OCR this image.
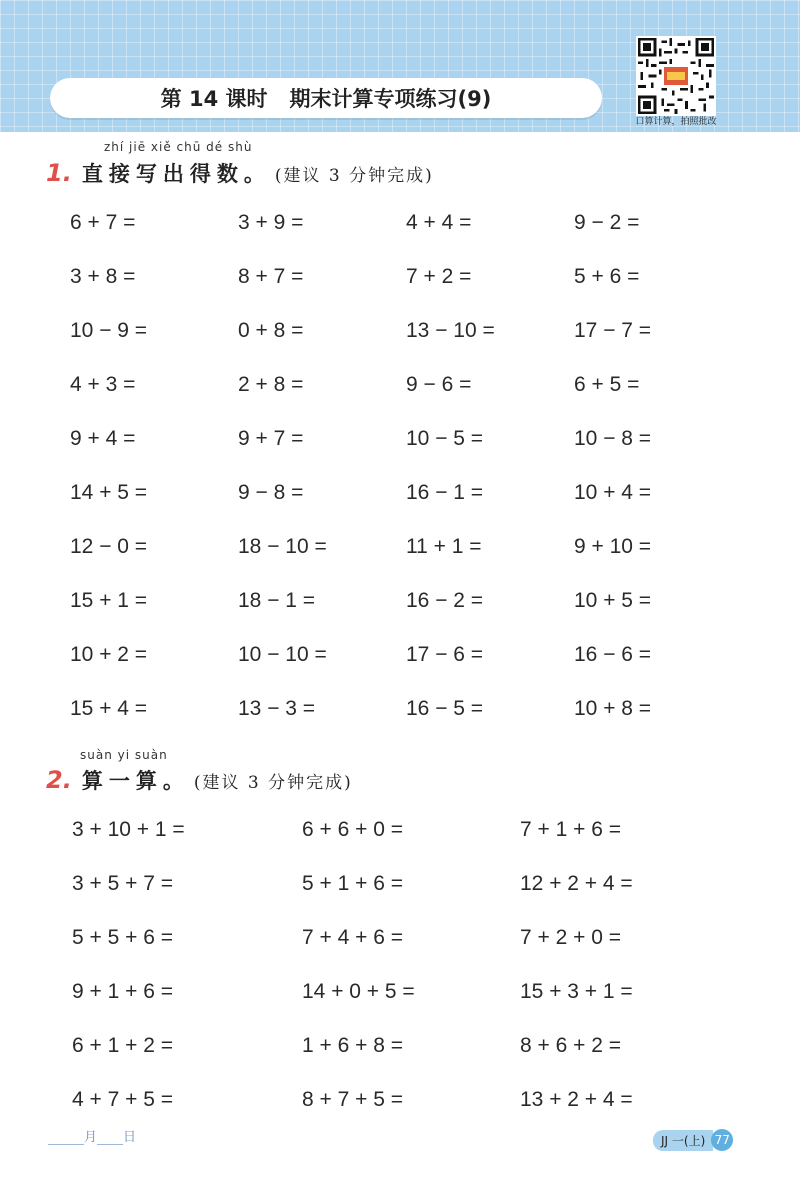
第 14 课时 期末计算专项练习(9)
口算计算，拍照批改
zhí jiē xiě chū dé shù
1. 直接写出得数。 (建议 3 分钟完成)
6 + 7 =	3 + 9 =	4 + 4 =	9 − 2 =
3 + 8 =	8 + 7 =	7 + 2 =	5 + 6 =
10 − 9 =	0 + 8 =	13 − 10 =	17 − 7 =
4 + 3 =	2 + 8 =	9 − 6 =	6 + 5 =
9 + 4 =	9 + 7 =	10 − 5 =	10 − 8 =
14 + 5 =	9 − 8 =	16 − 1 =	10 + 4 =
12 − 0 =	18 − 10 =	11 + 1 =	9 + 10 =
15 + 1 =	18 − 1 =	16 − 2 =	10 + 5 =
10 + 2 =	10 − 10 =	17 − 6 =	16 − 6 =
15 + 4 =	13 − 3 =	16 − 5 =	10 + 8 =
suàn yi suàn
2. 算一算。 (建议 3 分钟完成)
3 + 10 + 1 =	6 + 6 + 0 =	7 + 1 + 6 =
3 + 5 + 7 =	5 + 1 + 6 =	12 + 2 + 4 =
5 + 5 + 6 =	7 + 4 + 6 =	7 + 2 + 0 =
9 + 1 + 6 =	14 + 0 + 5 =	15 + 3 + 1 =
6 + 1 + 2 =	1 + 6 + 8 =	8 + 6 + 2 =
4 + 7 + 5 =	8 + 7 + 5 =	13 + 2 + 4 =
月 日	JJ 一(上) 77
